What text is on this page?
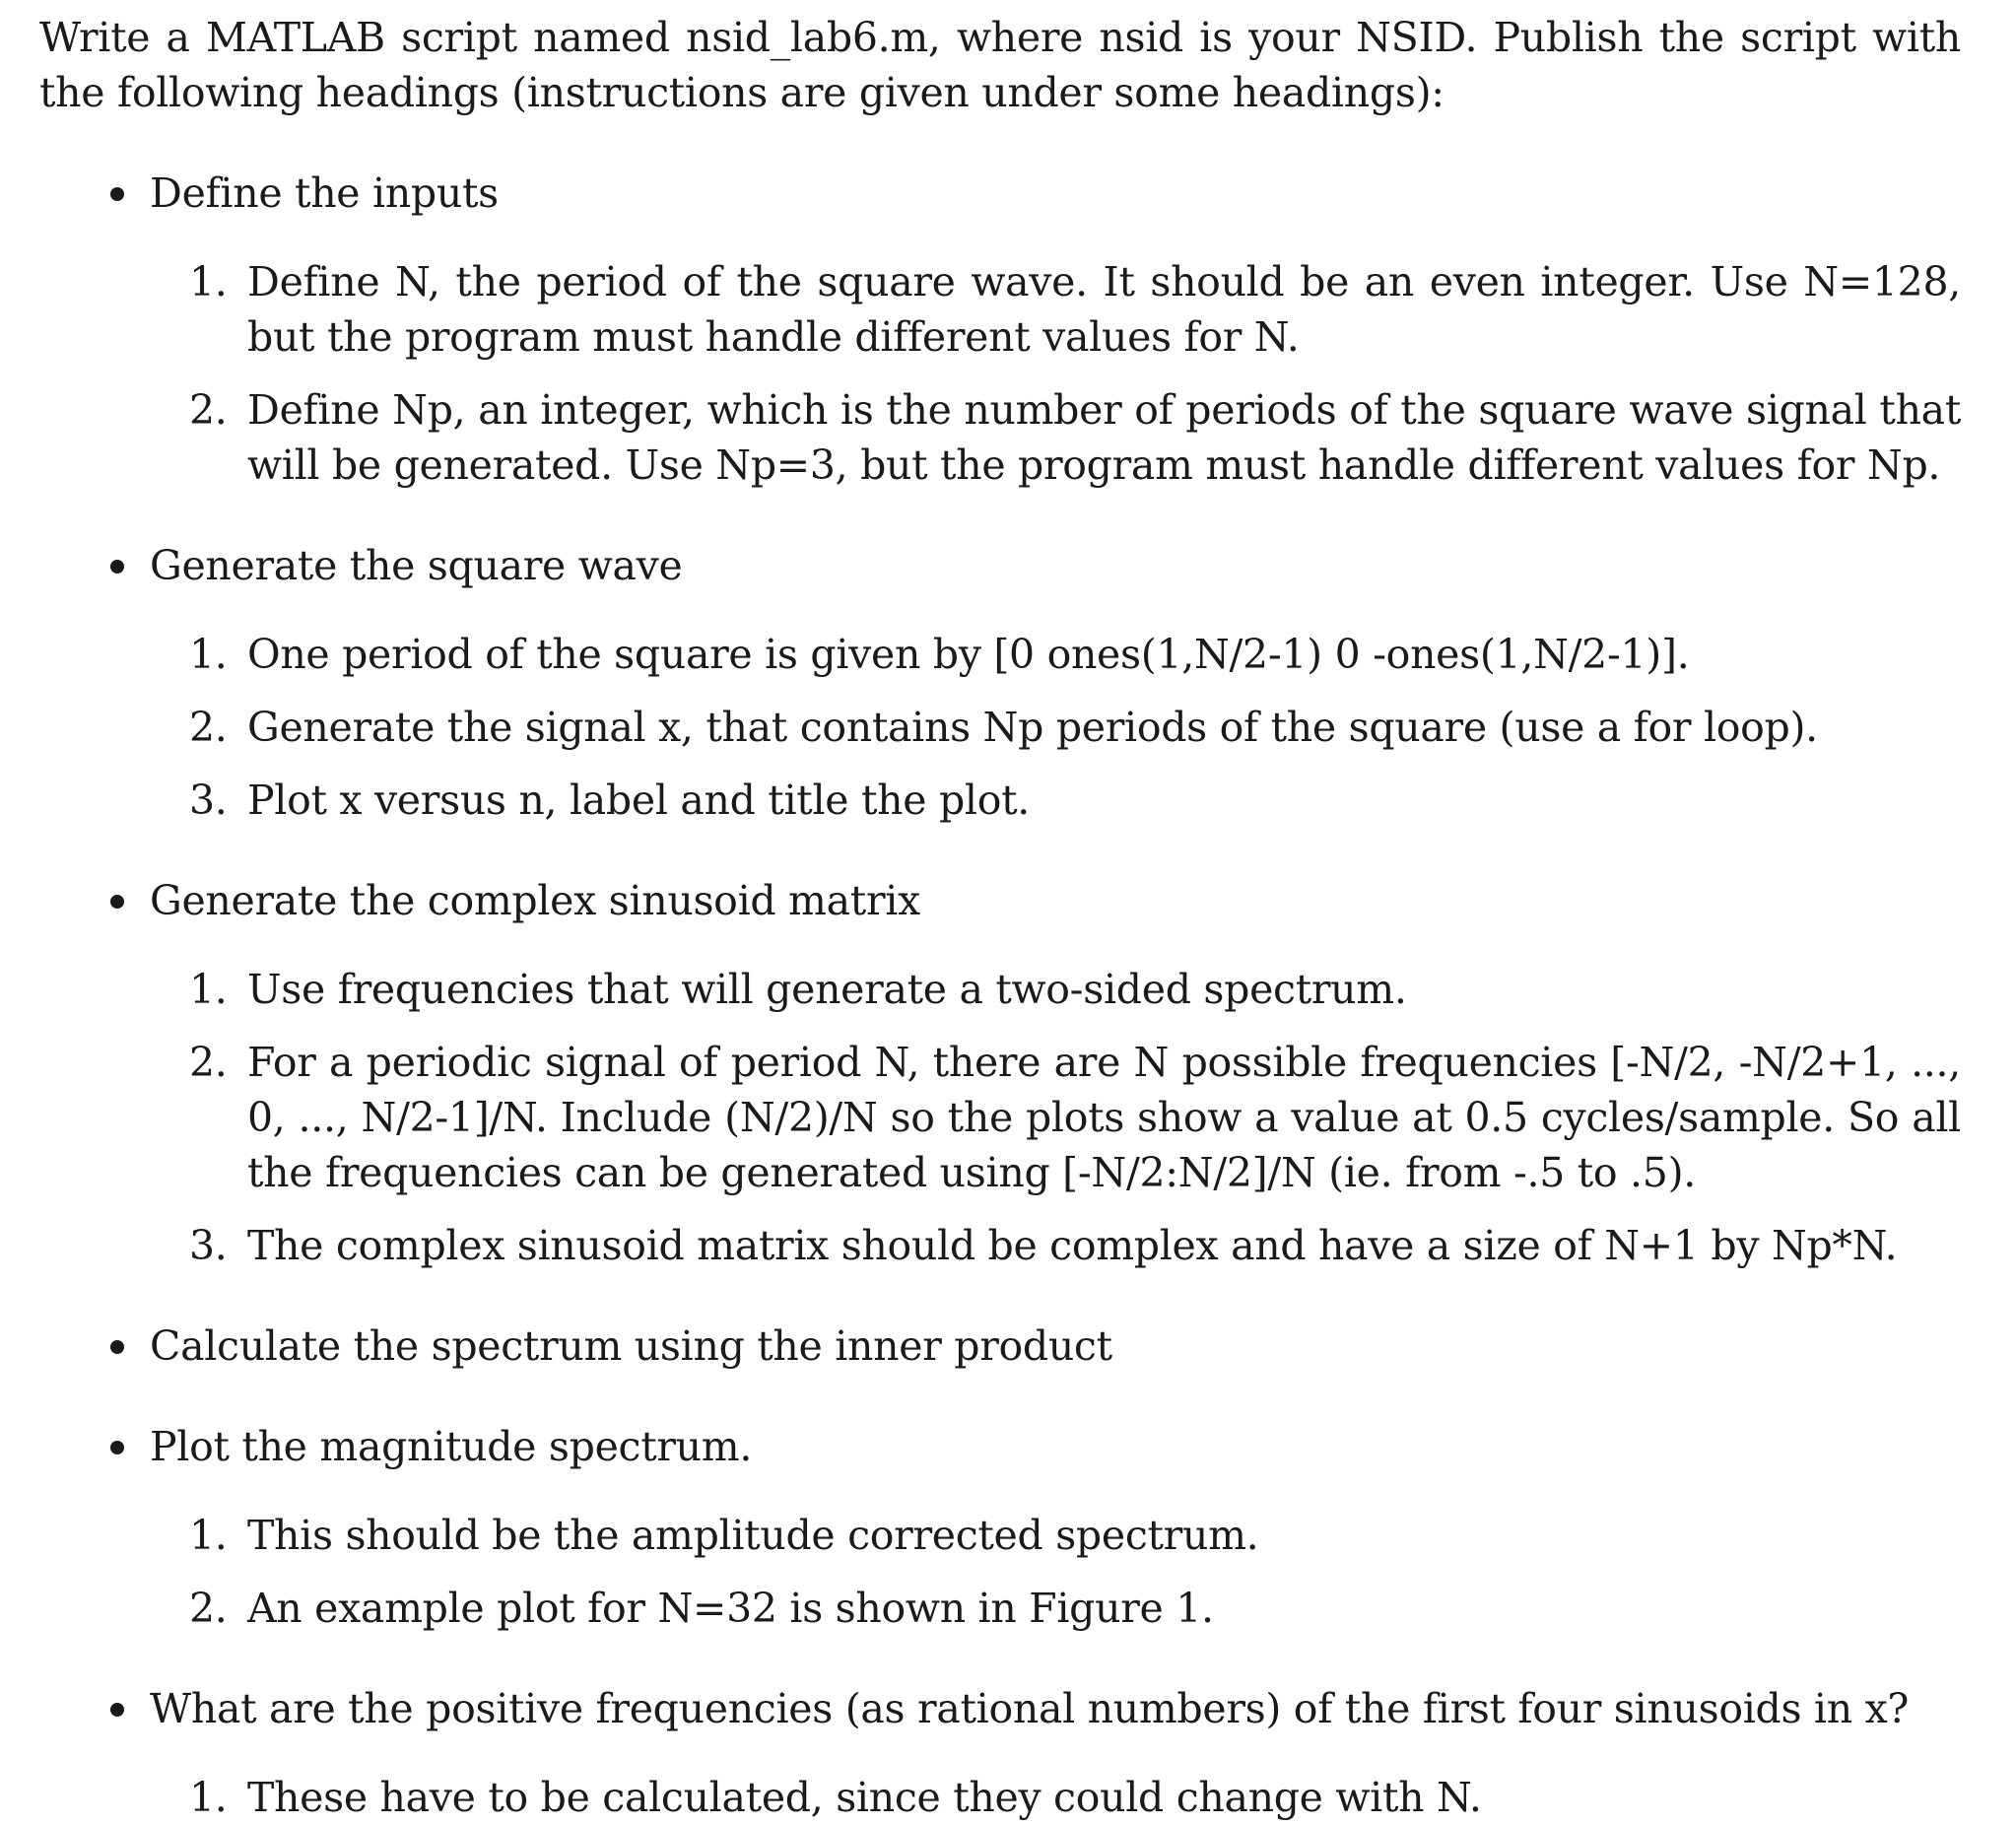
Write a MATLAB script named nsid_lab6.m, where nsid is your NSID. Publish the script with the following headings (instructions are given under some headings):

Define the inputs

1. Define N, the period of the square wave. It should be an even integer. Use N=128, but the program must handle different values for N.
2. Define Np, an integer, which is the number of periods of the square wave signal that will be generated. Use Np=3, but the program must handle different values for Np.

Generate the square wave

1. One period of the square is given by [0 ones(1,N/2-1) 0 -ones(1,N/2-1)].
2. Generate the signal x, that contains Np periods of the square (use a for loop).
3. Plot x versus n, label and title the plot.

Generate the complex sinusoid matrix

1. Use frequencies that will generate a two-sided spectrum.
2. For a periodic signal of period N, there are N possible frequencies [-N/2, -N/2+1, ..., 0, ..., N/2-1]/N. Include (N/2)/N so the plots show a value at 0.5 cycles/sample. So all the frequencies can be generated using [-N/2:N/2]/N (ie. from -.5 to .5).
3. The complex sinusoid matrix should be complex and have a size of N+1 by Np*N.

Calculate the spectrum using the inner product

Plot the magnitude spectrum.

1. This should be the amplitude corrected spectrum.
2. An example plot for N=32 is shown in Figure 1.

What are the positive frequencies (as rational numbers) of the first four sinusoids in x?

1. These have to be calculated, since they could change with N.
